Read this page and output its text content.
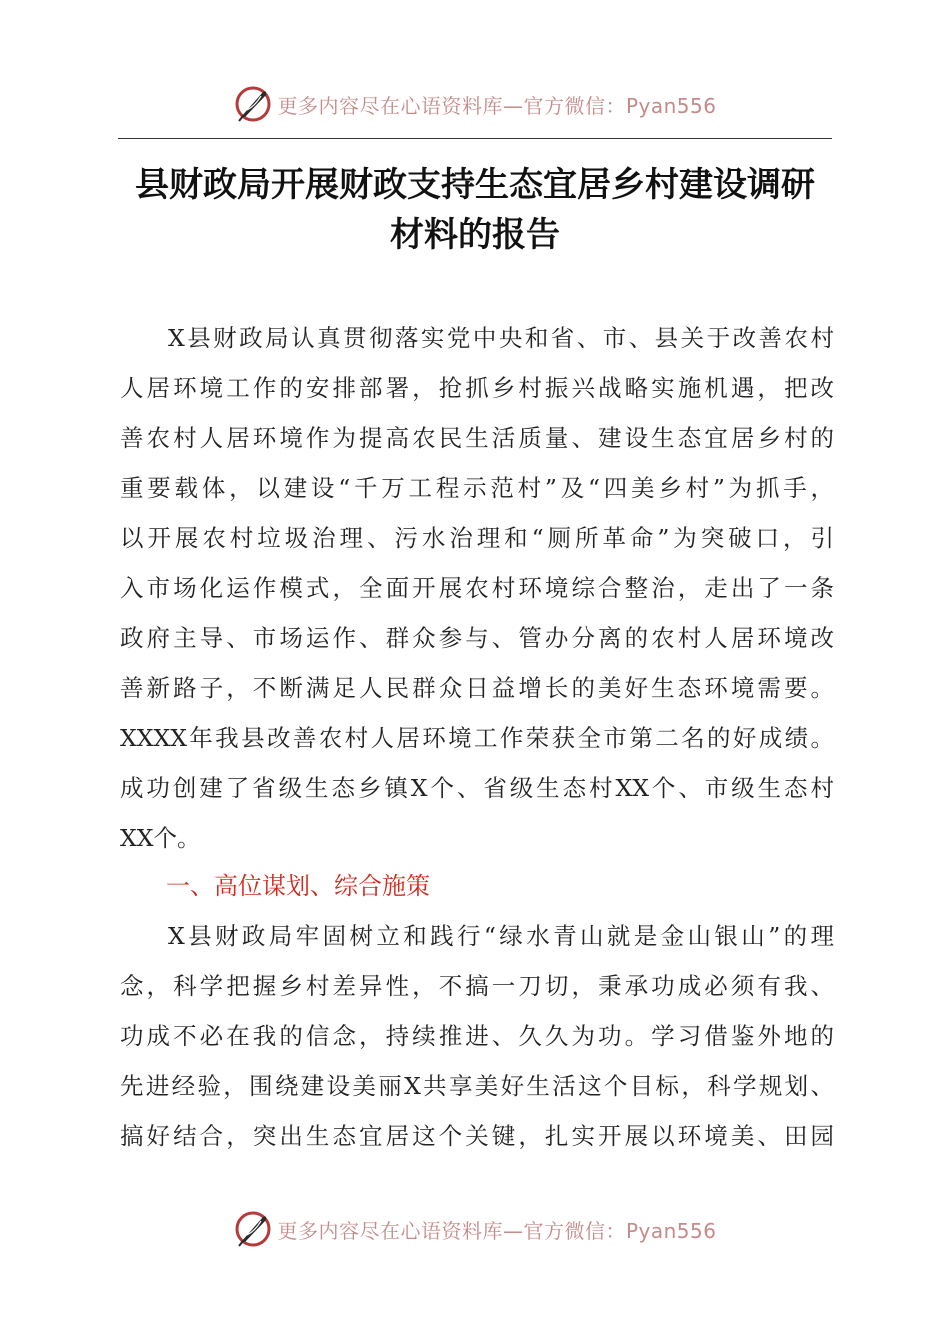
更多内容尽在心语资料库—官方微信：Pyan556
县财政局开展财政支持生态宜居乡村建设调研
材料的报告
X县财政局认真贯彻落实党中央和省、市、县关于改善农村
人居环境工作的安排部署，抢抓乡村振兴战略实施机遇，把改
善农村人居环境作为提高农民生活质量、建设生态宜居乡村的
重要载体，以建设“千万工程示范村”及“四美乡村”为抓手，
以开展农村垃圾治理、污水治理和“厕所革命”为突破口，引
入市场化运作模式，全面开展农村环境综合整治，走出了一条
政府主导、市场运作、群众参与、管办分离的农村人居环境改
善新路子，不断满足人民群众日益增长的美好生态环境需要。
XXXX年我县改善农村人居环境工作荣获全市第二名的好成绩。
成功创建了省级生态乡镇X个、省级生态村XX个、市级生态村
XX个。
一、高位谋划、综合施策
X县财政局牢固树立和践行“绿水青山就是金山银山”的理
念，科学把握乡村差异性，不搞一刀切，秉承功成必须有我、
功成不必在我的信念，持续推进、久久为功。学习借鉴外地的
先进经验，围绕建设美丽X共享美好生活这个目标，科学规划、
搞好结合，突出生态宜居这个关键，扎实开展以环境美、田园
更多内容尽在心语资料库—官方微信：Pyan556
